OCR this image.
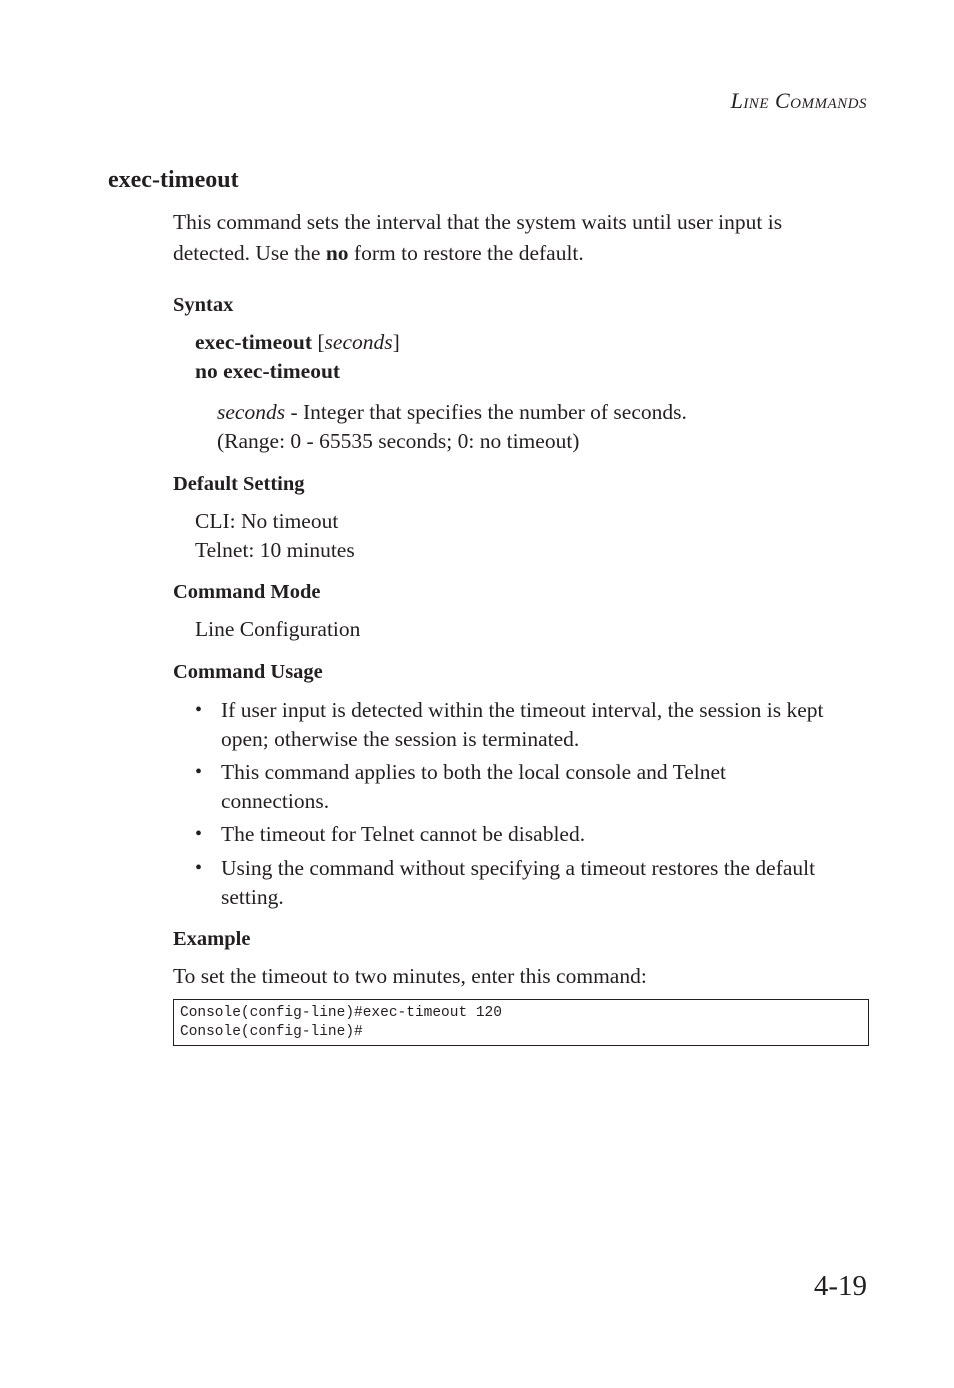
LINE COMMANDS
exec-timeout
This command sets the interval that the system waits until user input is
detected. Use the no form to restore the default.
Syntax
exec-timeout [seconds]
no exec-timeout
seconds - Integer that specifies the number of seconds.
(Range: 0 - 65535 seconds; 0: no timeout)
Default Setting
CLI: No timeout
Telnet: 10 minutes
Command Mode
Line Configuration
Command Usage
• If user input is detected within the timeout interval, the session is kept
open; otherwise the session is terminated.
• This command applies to both the local console and Telnet
connections.
• The timeout for Telnet cannot be disabled.
• Using the command without specifying a timeout restores the default
setting.
Example
To set the timeout to two minutes, enter this command:
Console(config-line)#exec-timeout 120
Console(config-line)#
4-19
